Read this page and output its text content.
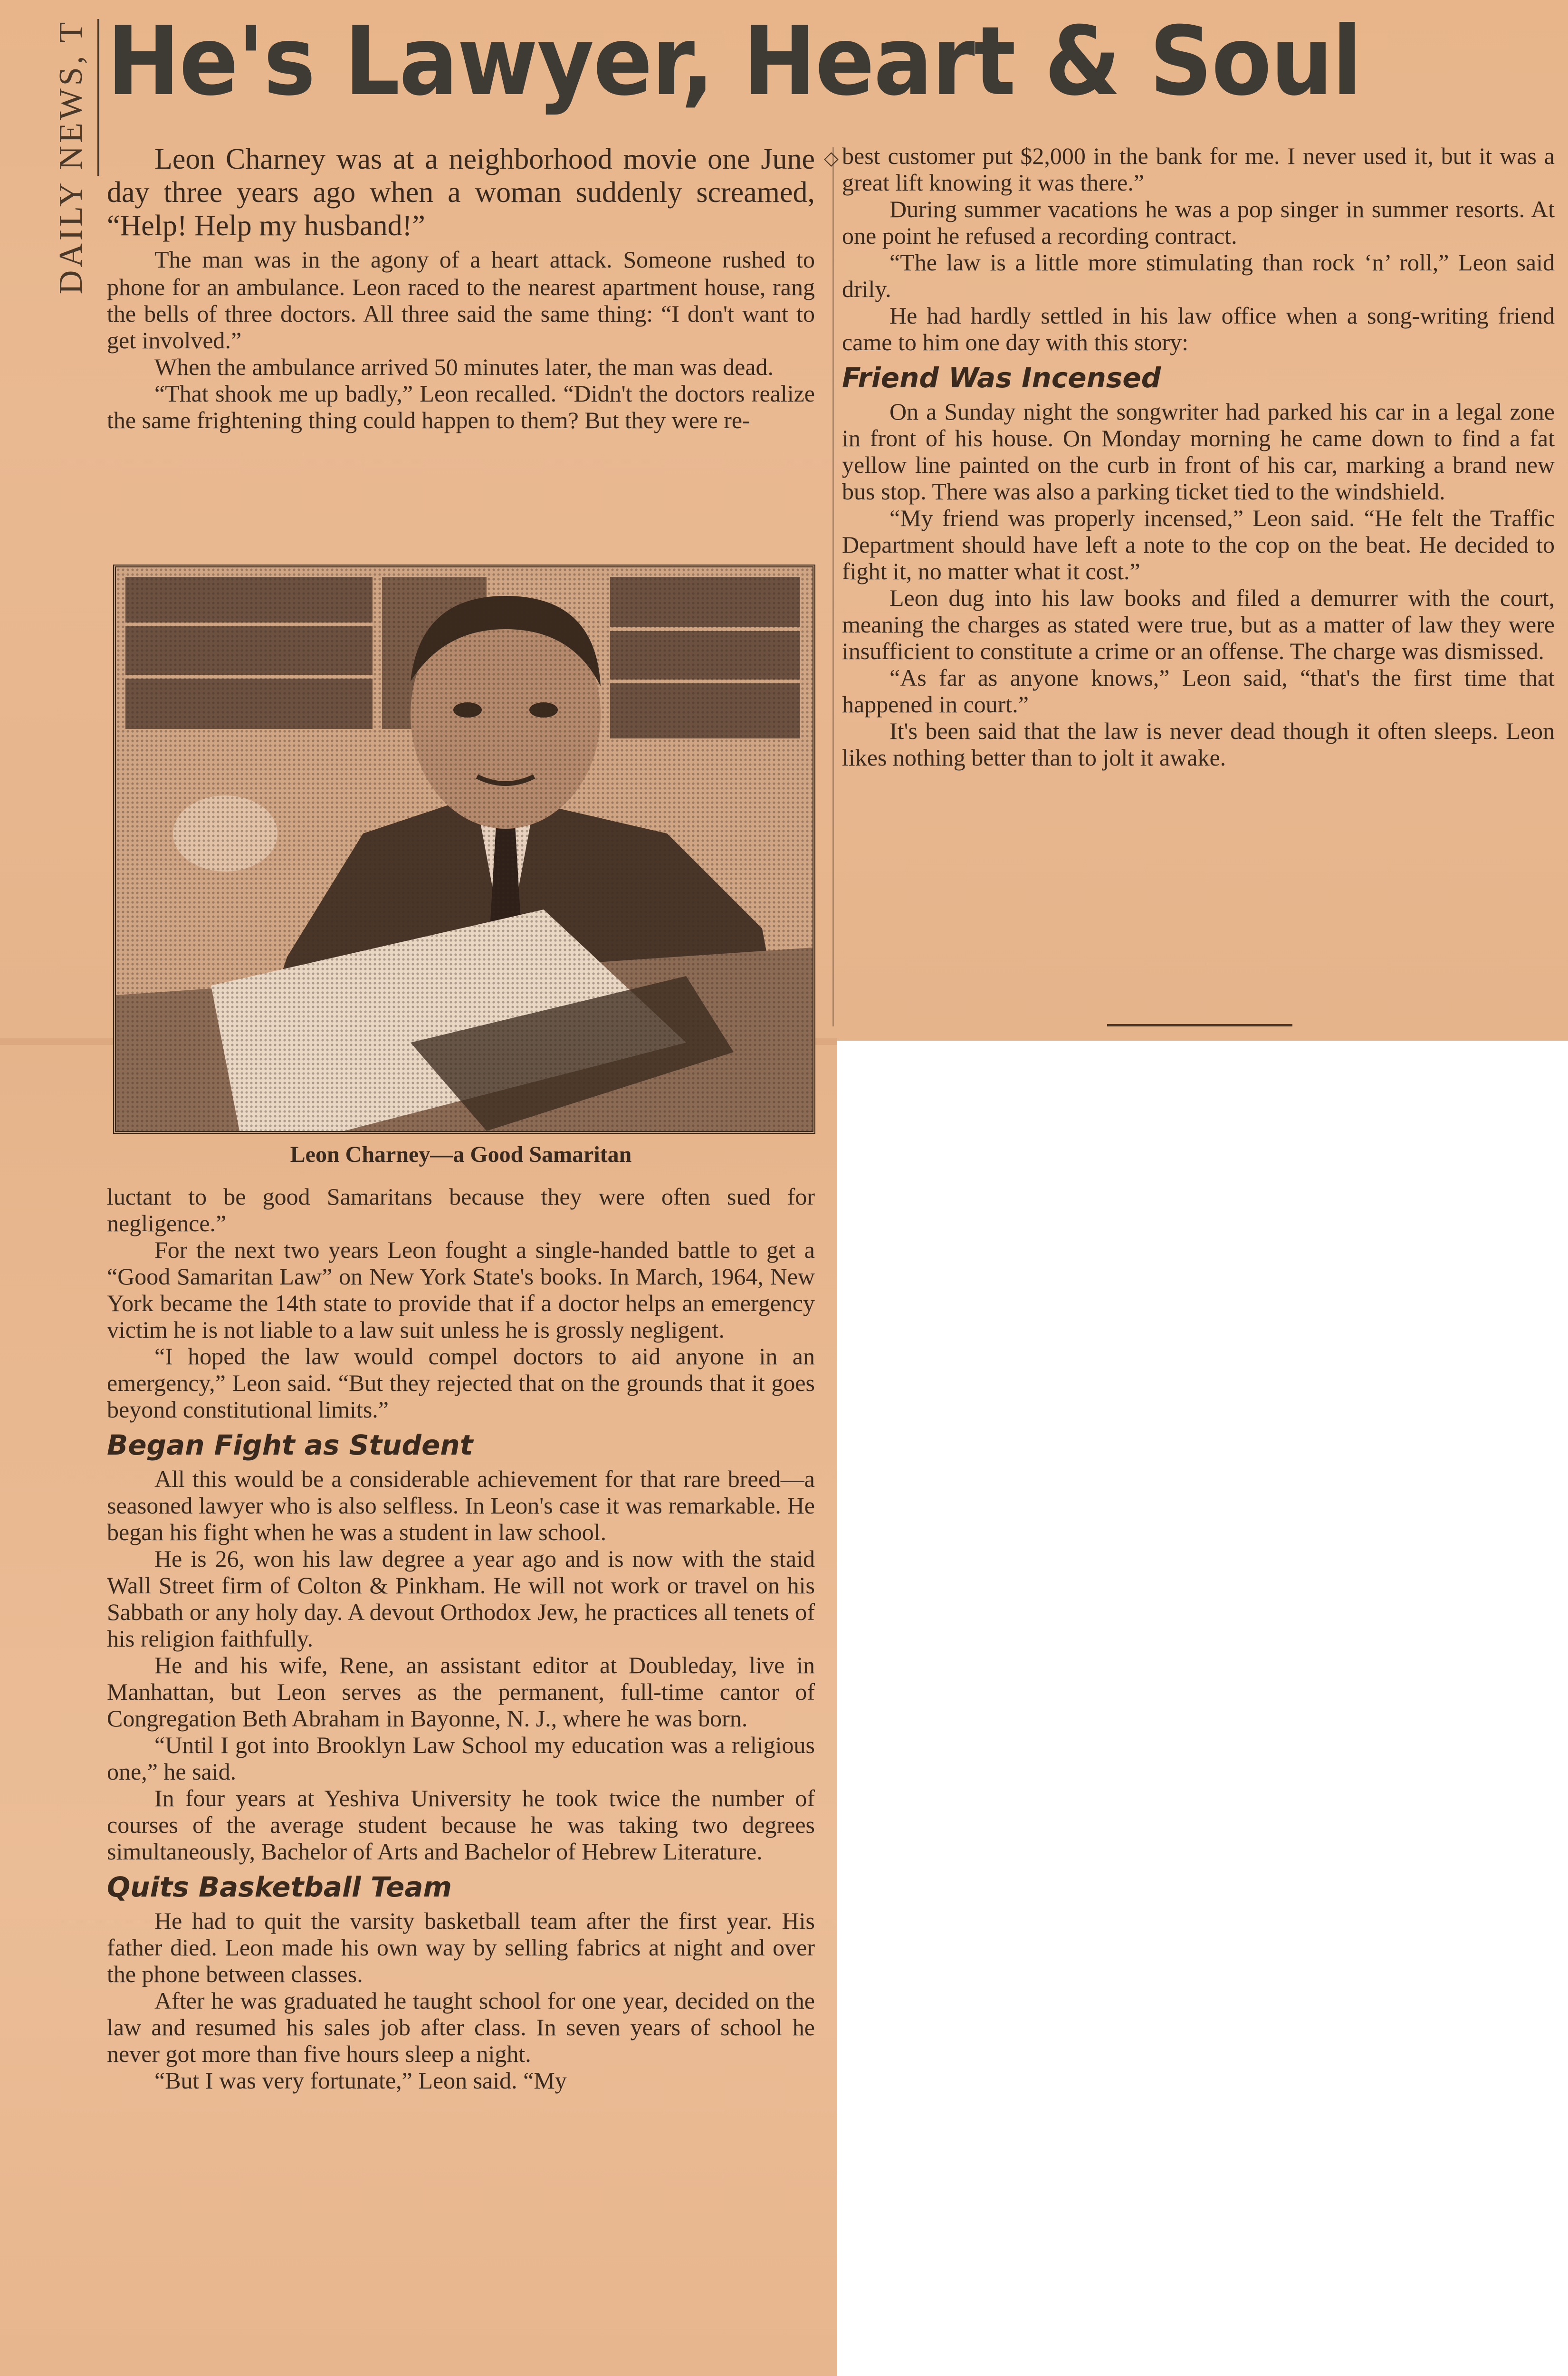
DAILY NEWS, T He's Lawyer, Heart & Soul
◇

Leon Charney was at a neighborhood movie one June day three years ago when a woman suddenly screamed, “Help! Help my husband!”

The man was in the agony of a heart attack. Someone rushed to phone for an ambulance. Leon raced to the nearest apartment house, rang the bells of three doctors. All three said the same thing: “I don't want to get involved.”

When the ambulance arrived 50 minutes later, the man was dead.

“That shook me up badly,” Leon recalled. “Didn't the doctors realize the same frightening thing could happen to them? But they were re-

Leon Charney—a Good Samaritan

luctant to be good Samaritans because they were often sued for negligence.”

For the next two years Leon fought a single-handed battle to get a “Good Samaritan Law” on New York State's books. In March, 1964, New York became the 14th state to provide that if a doctor helps an emergency victim he is not liable to a law suit unless he is grossly negligent.

“I hoped the law would compel doctors to aid anyone in an emergency,” Leon said. “But they rejected that on the grounds that it goes beyond constitutional limits.”

Began Fight as Student

All this would be a considerable achievement for that rare breed—a seasoned lawyer who is also selfless. In Leon's case it was remarkable. He began his fight when he was a student in law school.

He is 26, won his law degree a year ago and is now with the staid Wall Street firm of Colton & Pinkham. He will not work or travel on his Sabbath or any holy day. A devout Orthodox Jew, he practices all tenets of his religion faithfully.

He and his wife, Rene, an assistant editor at Doubleday, live in Manhattan, but Leon serves as the permanent, full-time cantor of Congregation Beth Abraham in Bayonne, N. J., where he was born.

“Until I got into Brooklyn Law School my education was a religious one,” he said.

In four years at Yeshiva University he took twice the number of courses of the average student because he was taking two degrees simultaneously, Bachelor of Arts and Bachelor of Hebrew Literature.

Quits Basketball Team

He had to quit the varsity basketball team after the first year. His father died. Leon made his own way by selling fabrics at night and over the phone between classes.

After he was graduated he taught school for one year, decided on the law and resumed his sales job after class. In seven years of school he never got more than five hours sleep a night.

“But I was very fortunate,” Leon said. “My

best customer put $2,000 in the bank for me. I never used it, but it was a great lift knowing it was there.”

During summer vacations he was a pop singer in summer resorts. At one point he refused a recording contract.

“The law is a little more stimulating than rock ‘n’ roll,” Leon said drily.

He had hardly settled in his law office when a song-writing friend came to him one day with this story:

Friend Was Incensed

On a Sunday night the songwriter had parked his car in a legal zone in front of his house. On Monday morning he came down to find a fat yellow line painted on the curb in front of his car, marking a brand new bus stop. There was also a parking ticket tied to the windshield.

“My friend was properly incensed,” Leon said. “He felt the Traffic Department should have left a note to the cop on the beat. He decided to fight it, no matter what it cost.”

Leon dug into his law books and filed a demurrer with the court, meaning the charges as stated were true, but as a matter of law they were insufficient to constitute a crime or an offense. The charge was dismissed.

“As far as anyone knows,” Leon said, “that's the first time that happened in court.”

It's been said that the law is never dead though it often sleeps. Leon likes nothing better than to jolt it awake.
